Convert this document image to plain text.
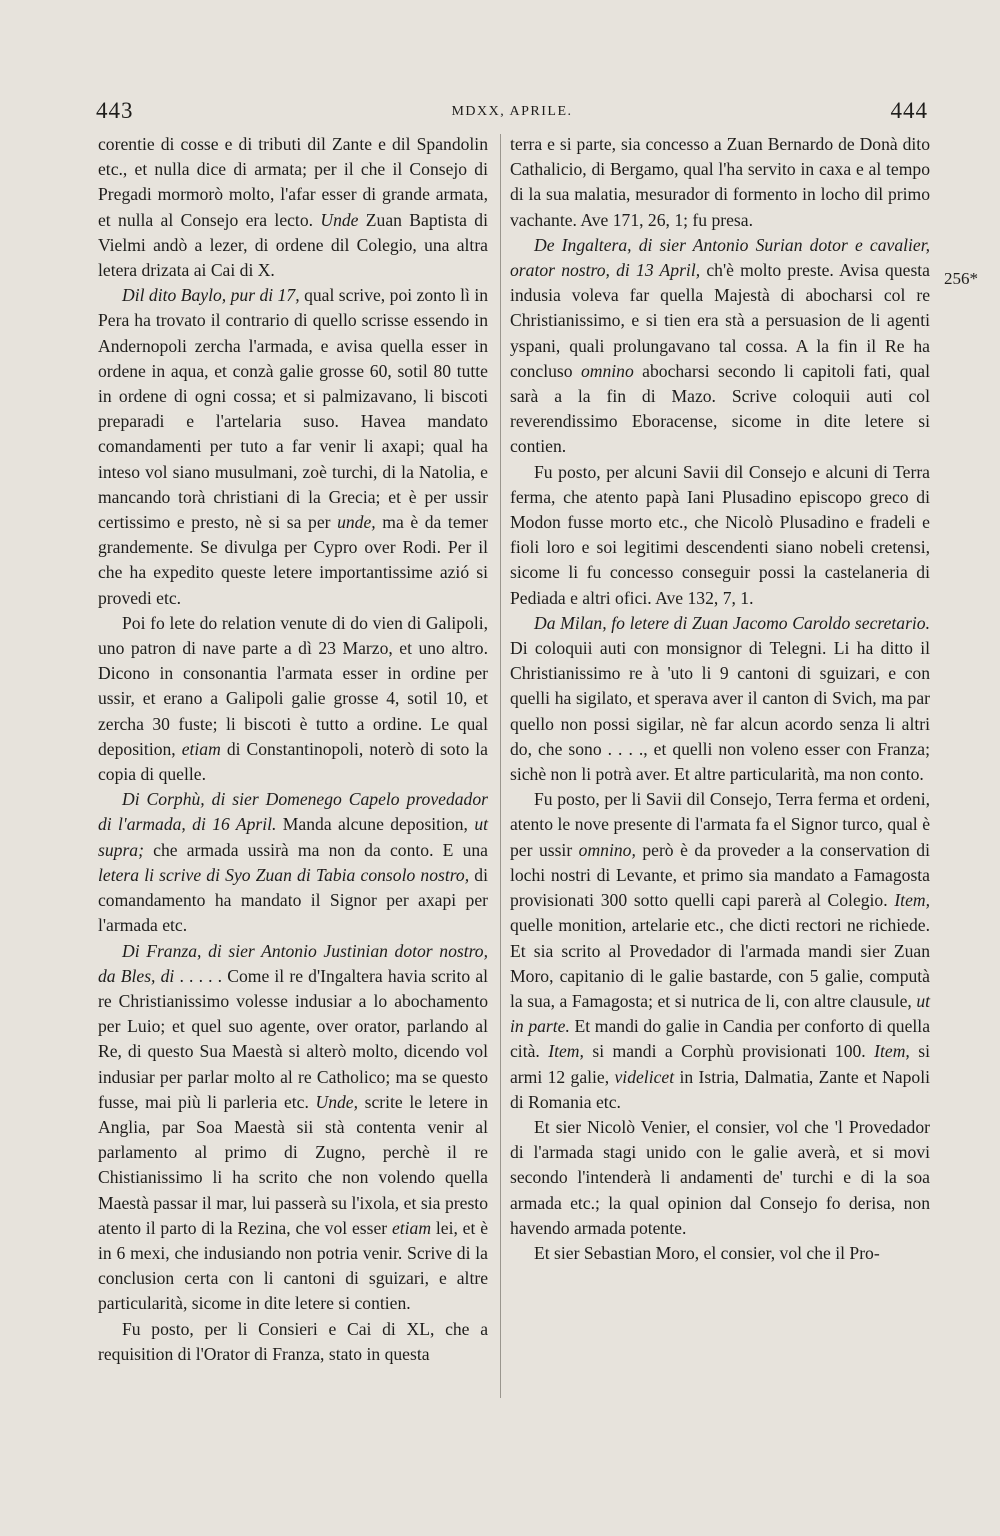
443	MDXX, APRILE.	444

corentie di cosse e di tributi dil Zante e dil Spandolin etc., et nulla dice di armata; per il che il Consejo di Pregadi mormorò molto, l'afar esser di grande armata, et nulla al Consejo era lecto. Unde Zuan Baptista di Vielmi andò a lezer, di ordene dil Colegio, una altra letera drizata ai Cai di X.

Dil dito Baylo, pur di 17, qual scrive, poi zonto lì in Pera ha trovato il contrario di quello scrisse essendo in Andernopoli zercha l'armada, e avisa quella esser in ordene in aqua, et conzà galie grosse 60, sotil 80 tutte in ordene di ogni cossa; et si palmizavano, li biscoti preparadi e l'artelaria suso. Havea mandato comandamenti per tuto a far venir li axapi; qual ha inteso vol siano musulmani, zoè turchi, di la Natolia, e mancando torà christiani di la Grecia; et è per ussir certissimo e presto, nè si sa per unde, ma è da temer grandemente. Se divulga per Cypro over Rodi. Per il che ha expedito queste letere importantissime azió si provedi etc.

Poi fo lete do relation venute di do vien di Galipoli, uno patron di nave parte a dì 23 Marzo, et uno altro. Dicono in consonantia l'armata esser in ordine per ussir, et erano a Galipoli galie grosse 4, sotil 10, et zercha 30 fuste; li biscoti è tutto a ordine. Le qual deposition, etiam di Constantinopoli, noterò di soto la copia di quelle.

Di Corphù, di sier Domenego Capelo provedador di l'armada, di 16 April. Manda alcune deposition, ut supra; che armada ussirà ma non da conto. E una letera li scrive di Syo Zuan di Tabia consolo nostro, di comandamento ha mandato il Signor per axapi per l'armada etc.

Di Franza, di sier Antonio Justinian dotor nostro, da Bles, di . . . . . Come il re d'Ingaltera havia scrito al re Christianissimo volesse indusiar a lo abochamento per Luio; et quel suo agente, over orator, parlando al Re, di questo Sua Maestà si alterò molto, dicendo vol indusiar per parlar molto al re Catholico; ma se questo fusse, mai più li parleria etc. Unde, scrite le letere in Anglia, par Soa Maestà sii stà contenta venir al parlamento al primo di Zugno, perchè il re Chistianissimo li ha scrito che non volendo quella Maestà passar il mar, lui passerà su l'ixola, et sia presto atento il parto di la Rezina, che vol esser etiam lei, et è in 6 mexi, che indusiando non potria venir. Scrive di la conclusion certa con li cantoni di sguizari, e altre particularità, sicome in dite letere si contien.

Fu posto, per li Consieri e Cai di XL, che a requisition di l'Orator di Franza, stato in questa

terra e si parte, sia concesso a Zuan Bernardo de Donà dito Cathalicio, di Bergamo, qual l'ha servito in caxa e al tempo di la sua malatia, mesurador di formento in locho dil primo vachante. Ave 171, 26, 1; fu presa.

De Ingaltera, di sier Antonio Surian dotor e cavalier, orator nostro, di 13 April, ch'è molto preste. Avisa questa indusia voleva far quella Majestà di abocharsi col re Christianissimo, e si tien era stà a persuasion de li agenti yspani, quali prolungavano tal cossa. A la fin il Re ha concluso omnino abocharsi secondo li capitoli fati, qual sarà a la fin di Mazo. Scrive coloquii auti col reverendissimo Eboracense, sicome in dite letere si contien.

Fu posto, per alcuni Savii dil Consejo e alcuni di Terra ferma, che atento papà Iani Plusadino episcopo greco di Modon fusse morto etc., che Nicolò Plusadino e fradeli e fioli loro e soi legitimi descendenti siano nobeli cretensi, sicome li fu concesso conseguir possi la castelaneria di Pediada e altri ofici. Ave 132, 7, 1.

Da Milan, fo letere di Zuan Jacomo Caroldo secretario. Di coloquii auti con monsignor di Telegni. Li ha ditto il Christianissimo re à 'uto li 9 cantoni di sguizari, e con quelli ha sigilato, et sperava aver il canton di Svich, ma par quello non possi sigilar, nè far alcun acordo senza li altri do, che sono . . . ., et quelli non voleno esser con Franza; sichè non li potrà aver. Et altre particularità, ma non conto.

Fu posto, per li Savii dil Consejo, Terra ferma et ordeni, atento le nove presente di l'armata fa el Signor turco, qual è per ussir omnino, però è da proveder a la conservation di lochi nostri di Levante, et primo sia mandato a Famagosta provisionati 300 sotto quelli capi parerà al Colegio. Item, quelle monition, artelarie etc., che dicti rectori ne richiede. Et sia scrito al Provedador di l'armada mandi sier Zuan Moro, capitanio di le galie bastarde, con 5 galie, computà la sua, a Famagosta; et si nutrica de li, con altre clausule, ut in parte. Et mandi do galie in Candia per conforto di quella cità. Item, si mandi a Corphù provisionati 100. Item, si armi 12 galie, videlicet in Istria, Dalmatia, Zante et Napoli di Romania etc.

Et sier Nicolò Venier, el consier, vol che 'l Provedador di l'armada stagi unido con le galie averà, et si movi secondo l'intenderà li andamenti de' turchi e di la soa armada etc.; la qual opinion dal Consejo fo derisa, non havendo armada potente.

Et sier Sebastian Moro, el consier, vol che il Pro-

256*
